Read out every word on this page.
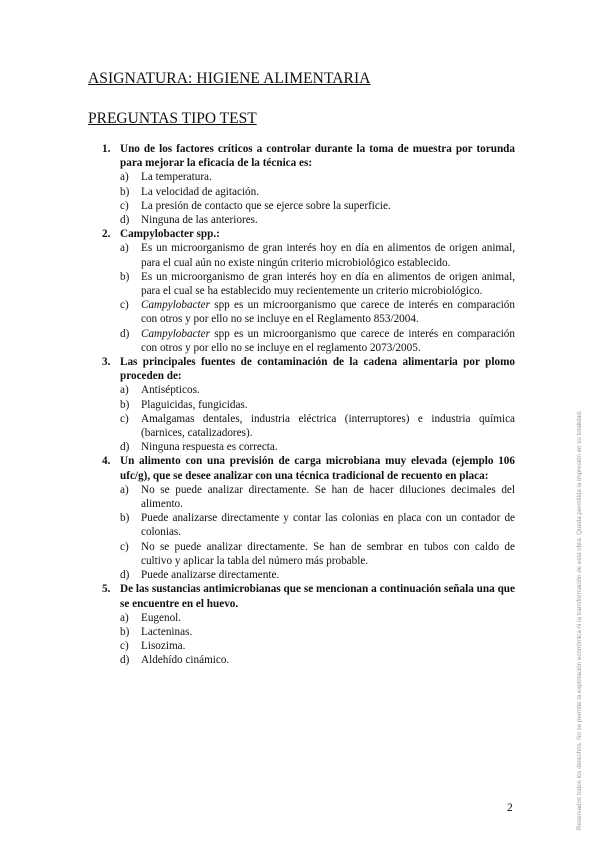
ASIGNATURA: HIGIENE ALIMENTARIA
PREGUNTAS TIPO TEST
1. Uno de los factores críticos a controlar durante la toma de muestra por torunda para mejorar la eficacia de la técnica es:
a) La temperatura.
b) La velocidad de agitación.
c) La presión de contacto que se ejerce sobre la superficie.
d) Ninguna de las anteriores.
2. Campylobacter spp.:
a) Es un microorganismo de gran interés hoy en día en alimentos de origen animal, para el cual aún no existe ningún criterio microbiológico establecido.
b) Es un microorganismo de gran interés hoy en día en alimentos de origen animal, para el cual se ha establecido muy recientemente un criterio microbiológico.
c) Campylobacter spp es un microorganismo que carece de interés en comparación con otros y por ello no se incluye en el Reglamento 853/2004.
d) Campylobacter spp es un microorganismo que carece de interés en comparación con otros y por ello no se incluye en el reglamento 2073/2005.
3. Las principales fuentes de contaminación de la cadena alimentaria por plomo proceden de:
a) Antisépticos.
b) Plaguicidas, fungicidas.
c) Amalgamas dentales, industria eléctrica (interruptores) e industria química (barnices, catalizadores).
d) Ninguna respuesta es correcta.
4. Un alimento con una previsión de carga microbiana muy elevada (ejemplo 106 ufc/g), que se desee analizar con una técnica tradicional de recuento en placa:
a) No se puede analizar directamente. Se han de hacer diluciones decimales del alimento.
b) Puede analizarse directamente y contar las colonias en placa con un contador de colonias.
c) No se puede analizar directamente. Se han de sembrar en tubos con caldo de cultivo y aplicar la tabla del número más probable.
d) Puede analizarse directamente.
5. De las sustancias antimicrobianas que se mencionan a continuación señala una que se encuentre en el huevo.
a) Eugenol.
b) Lacteninas.
c) Lisozima.
d) Aldehído cinámico.
2	Reservados todos los derechos. No se permite la explotación económica ni la transformación de esta obra. Queda permitida la impresión en su totalidad.
